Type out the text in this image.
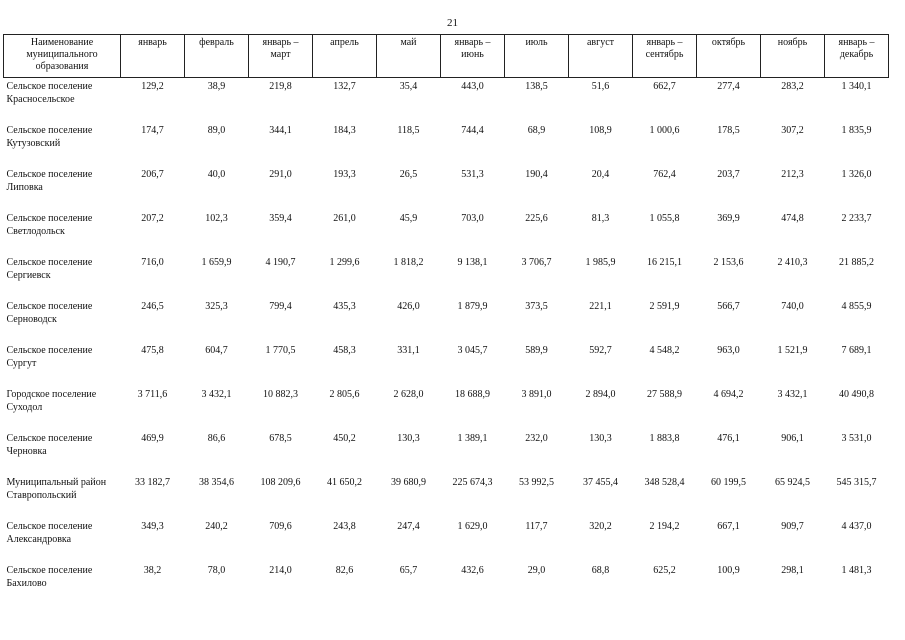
21
Наименование муниципального образования	январь	февраль	январь – март	апрель	май	январь – июнь	июль	август	январь – сентябрь	октябрь	ноябрь	январь – декабрь
Сельское поселение Красносельское	129,2	38,9	219,8	132,7	35,4	443,0	138,5	51,6	662,7	277,4	283,2	1 340,1
Сельское поселение Кутузовский	174,7	89,0	344,1	184,3	118,5	744,4	68,9	108,9	1 000,6	178,5	307,2	1 835,9
Сельское поселение Липовка	206,7	40,0	291,0	193,3	26,5	531,3	190,4	20,4	762,4	203,7	212,3	1 326,0
Сельское поселение Светлодольск	207,2	102,3	359,4	261,0	45,9	703,0	225,6	81,3	1 055,8	369,9	474,8	2 233,7
Сельское поселение Сергиевск	716,0	1 659,9	4 190,7	1 299,6	1 818,2	9 138,1	3 706,7	1 985,9	16 215,1	2 153,6	2 410,3	21 885,2
Сельское поселение Серноводск	246,5	325,3	799,4	435,3	426,0	1 879,9	373,5	221,1	2 591,9	566,7	740,0	4 855,9
Сельское поселение Сургут	475,8	604,7	1 770,5	458,3	331,1	3 045,7	589,9	592,7	4 548,2	963,0	1 521,9	7 689,1
Городское поселение Суходол	3 711,6	3 432,1	10 882,3	2 805,6	2 628,0	18 688,9	3 891,0	2 894,0	27 588,9	4 694,2	3 432,1	40 490,8
Сельское поселение Черновка	469,9	86,6	678,5	450,2	130,3	1 389,1	232,0	130,3	1 883,8	476,1	906,1	3 531,0
Муниципальный район Ставропольский	33 182,7	38 354,6	108 209,6	41 650,2	39 680,9	225 674,3	53 992,5	37 455,4	348 528,4	60 199,5	65 924,5	545 315,7
Сельское поселение Александровка	349,3	240,2	709,6	243,8	247,4	1 629,0	117,7	320,2	2 194,2	667,1	909,7	4 437,0
Сельское поселение Бахилово	38,2	78,0	214,0	82,6	65,7	432,6	29,0	68,8	625,2	100,9	298,1	1 481,3
